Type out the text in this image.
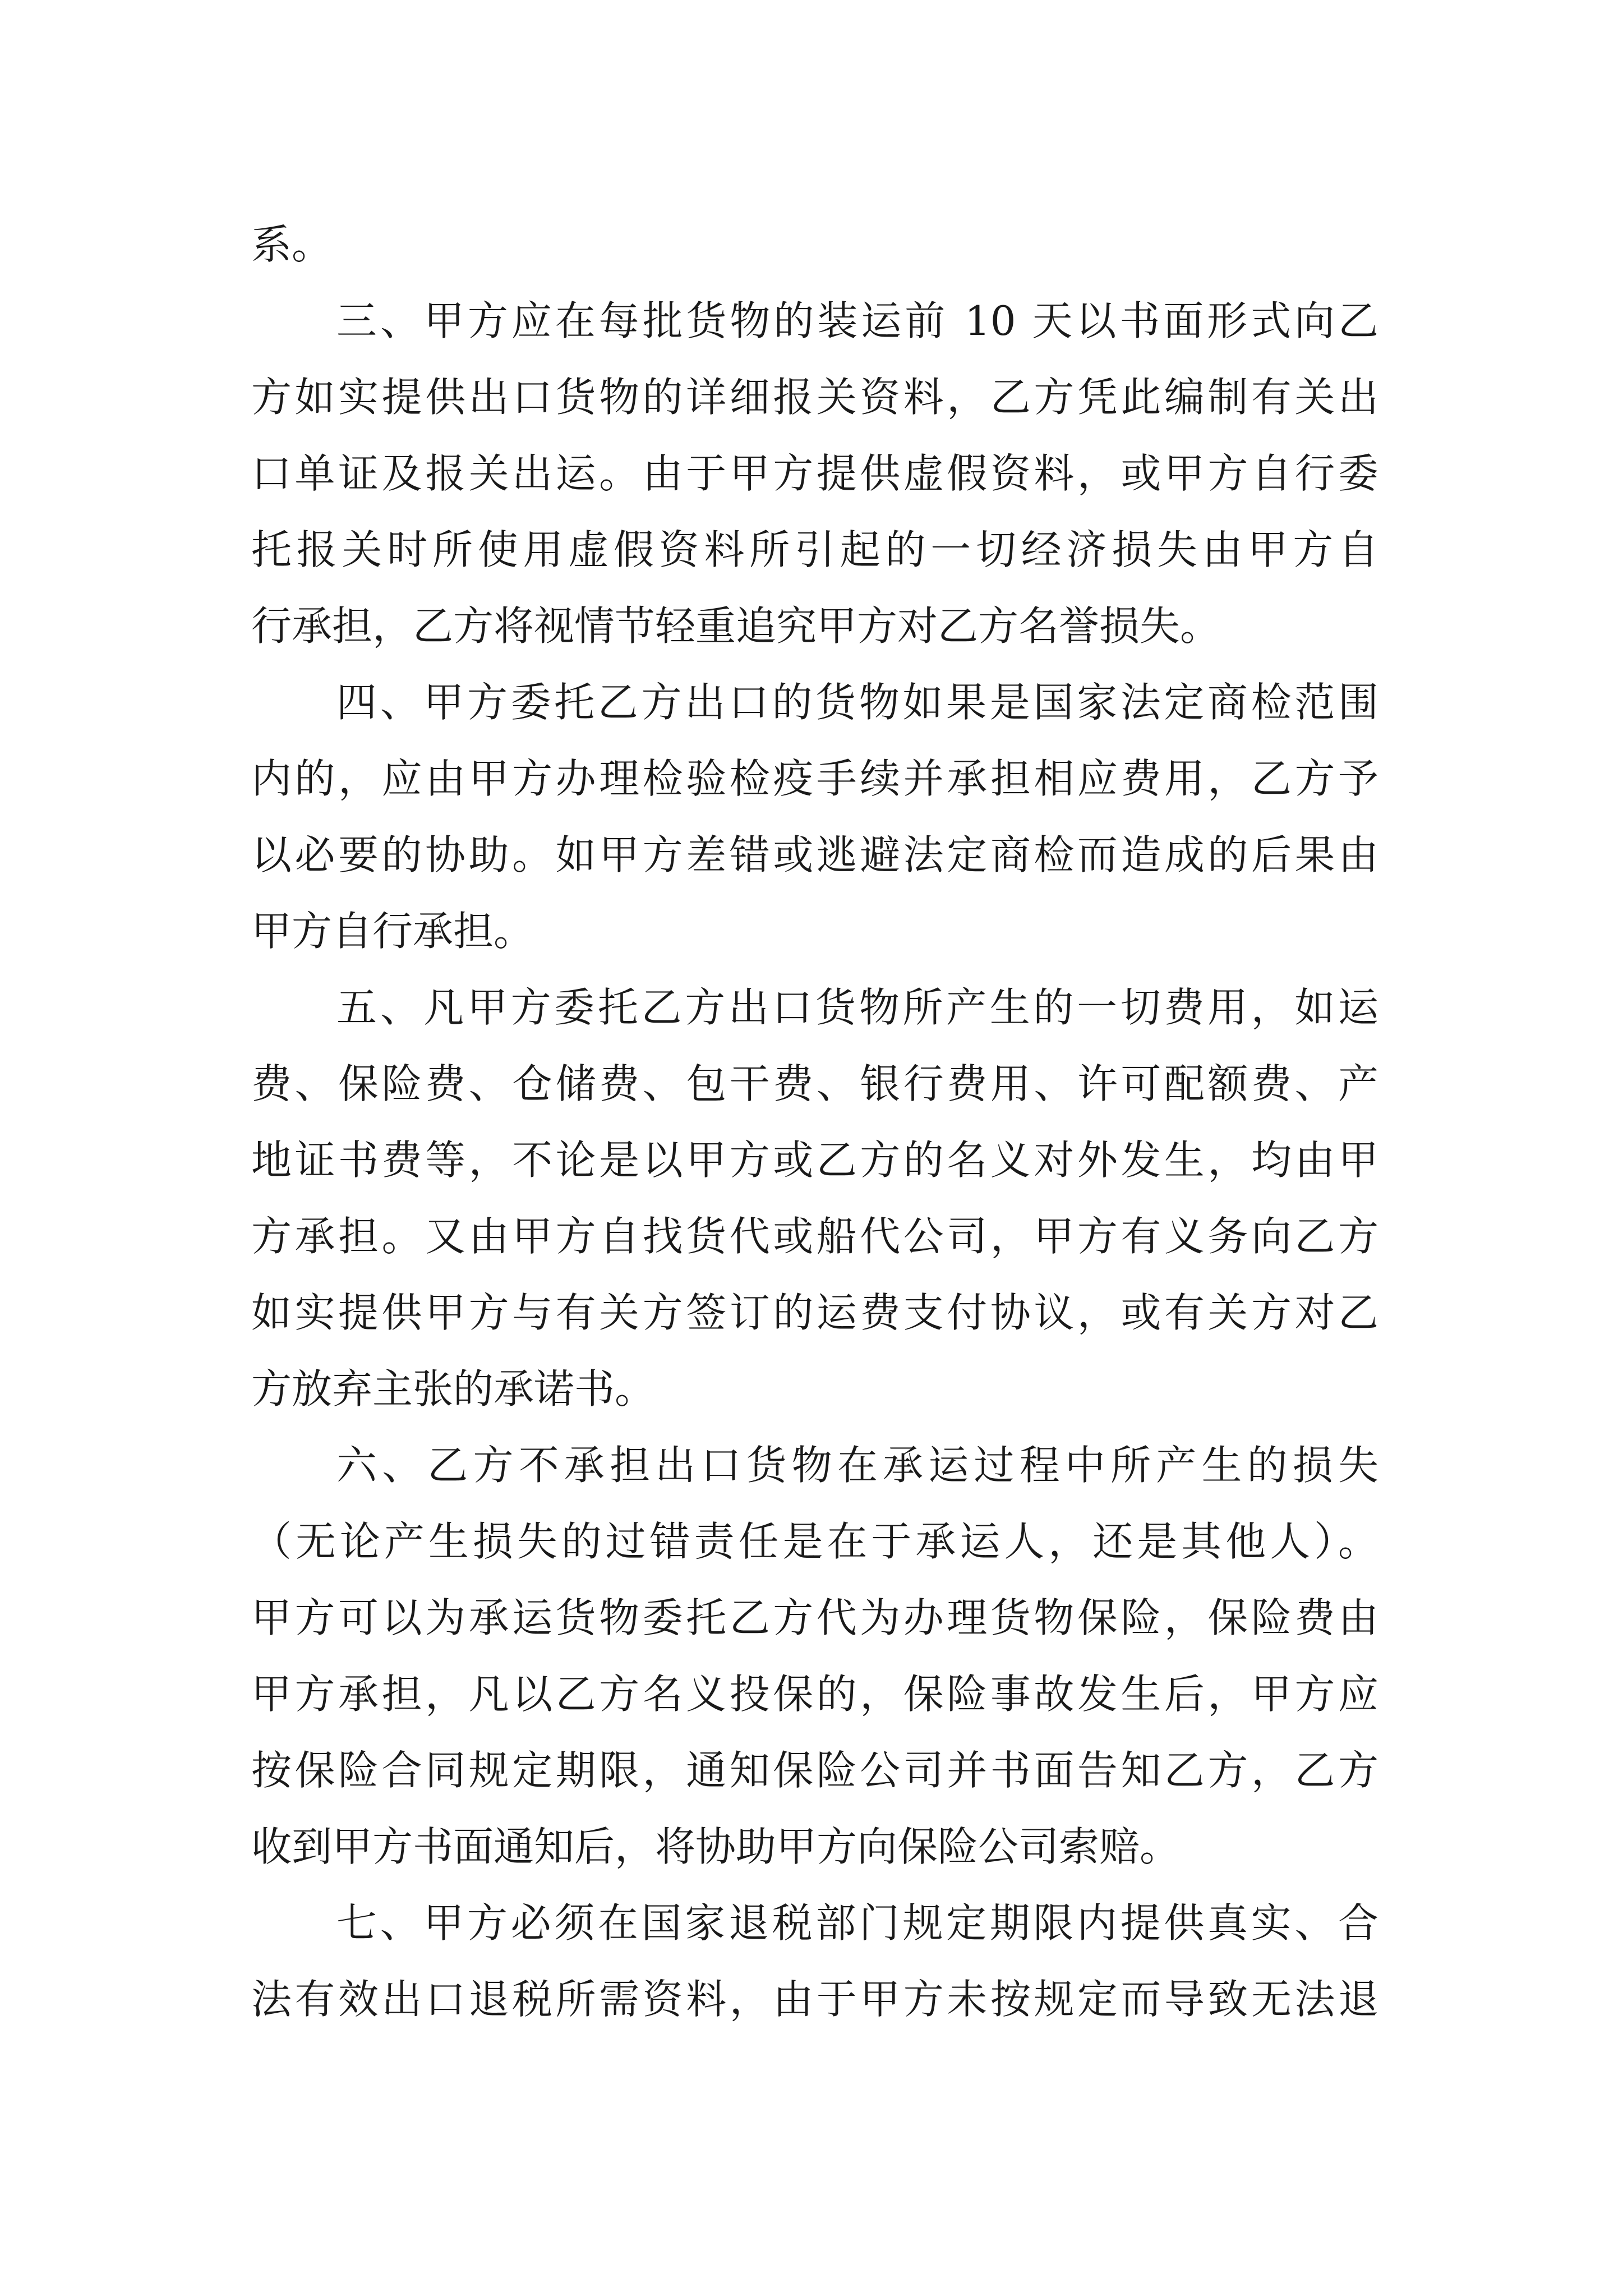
系。
三、甲方应在每批货物的装运前 10 天以书面形式向乙
方如实提供出口货物的详细报关资料，乙方凭此编制有关出
口单证及报关出运。由于甲方提供虚假资料，或甲方自行委
托报关时所使用虚假资料所引起的一切经济损失由甲方自
行承担，乙方将视情节轻重追究甲方对乙方名誉损失。
四、甲方委托乙方出口的货物如果是国家法定商检范围
内的，应由甲方办理检验检疫手续并承担相应费用，乙方予
以必要的协助。如甲方差错或逃避法定商检而造成的后果由
甲方自行承担。
五、凡甲方委托乙方出口货物所产生的一切费用，如运
费、保险费、仓储费、包干费、银行费用、许可配额费、产
地证书费等，不论是以甲方或乙方的名义对外发生，均由甲
方承担。又由甲方自找货代或船代公司，甲方有义务向乙方
如实提供甲方与有关方签订的运费支付协议，或有关方对乙
方放弃主张的承诺书。
六、乙方不承担出口货物在承运过程中所产生的损失
（无论产生损失的过错责任是在于承运人，还是其他人）。
甲方可以为承运货物委托乙方代为办理货物保险，保险费由
甲方承担，凡以乙方名义投保的，保险事故发生后，甲方应
按保险合同规定期限，通知保险公司并书面告知乙方，乙方
收到甲方书面通知后，将协助甲方向保险公司索赔。
七、甲方必须在国家退税部门规定期限内提供真实、合
法有效出口退税所需资料，由于甲方未按规定而导致无法退
